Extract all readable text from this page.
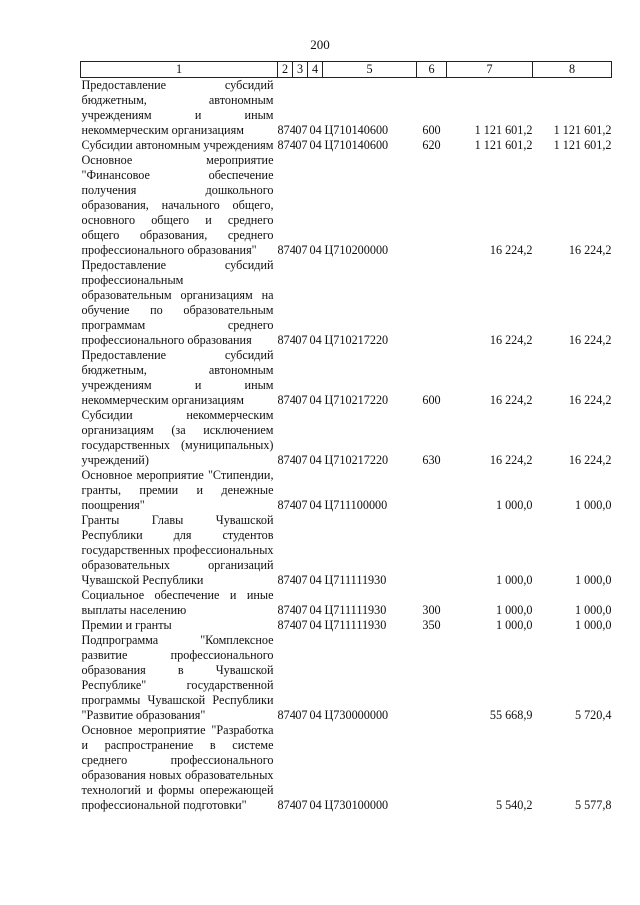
200
1	2	3	4	5	6	7	8
Предоставление субсидий бюджетным, автономным учреждениям и иным некоммерческим организациям	874	07	04	Ц710140600	600	1 121 601,2	1 121 601,2
Субсидии автономным учреждениям	874	07	04	Ц710140600	620	1 121 601,2	1 121 601,2
Основное мероприятие "Финансовое обеспечение получения дошкольного образования, начального общего, основного общего и среднего общего образования, среднего профессионального образования"	874	07	04	Ц710200000		16 224,2	16 224,2
Предоставление субсидий профессиональным образовательным организациям на обучение по образовательным программам среднего профессионального образования	874	07	04	Ц710217220		16 224,2	16 224,2
Предоставление субсидий бюджетным, автономным учреждениям и иным некоммерческим организациям	874	07	04	Ц710217220	600	16 224,2	16 224,2
Субсидии некоммерческим организациям (за исключением государственных (муниципальных) учреждений)	874	07	04	Ц710217220	630	16 224,2	16 224,2
Основное мероприятие "Стипендии, гранты, премии и денежные поощрения"	874	07	04	Ц711100000		1 000,0	1 000,0
Гранты Главы Чувашской Республики для студентов государственных профессиональных образовательных организаций Чувашской Республики	874	07	04	Ц711111930		1 000,0	1 000,0
Социальное обеспечение и иные выплаты населению	874	07	04	Ц711111930	300	1 000,0	1 000,0
Премии и гранты	874	07	04	Ц711111930	350	1 000,0	1 000,0
Подпрограмма "Комплексное развитие профессионального образования в Чувашской Республике" государственной программы Чувашской Республики "Развитие образования"	874	07	04	Ц730000000		55 668,9	5 720,4
Основное мероприятие "Разработка и распространение в системе среднего профессионального образования новых образовательных технологий и формы опережающей профессиональной подготовки"	874	07	04	Ц730100000		5 540,2	5 577,8
